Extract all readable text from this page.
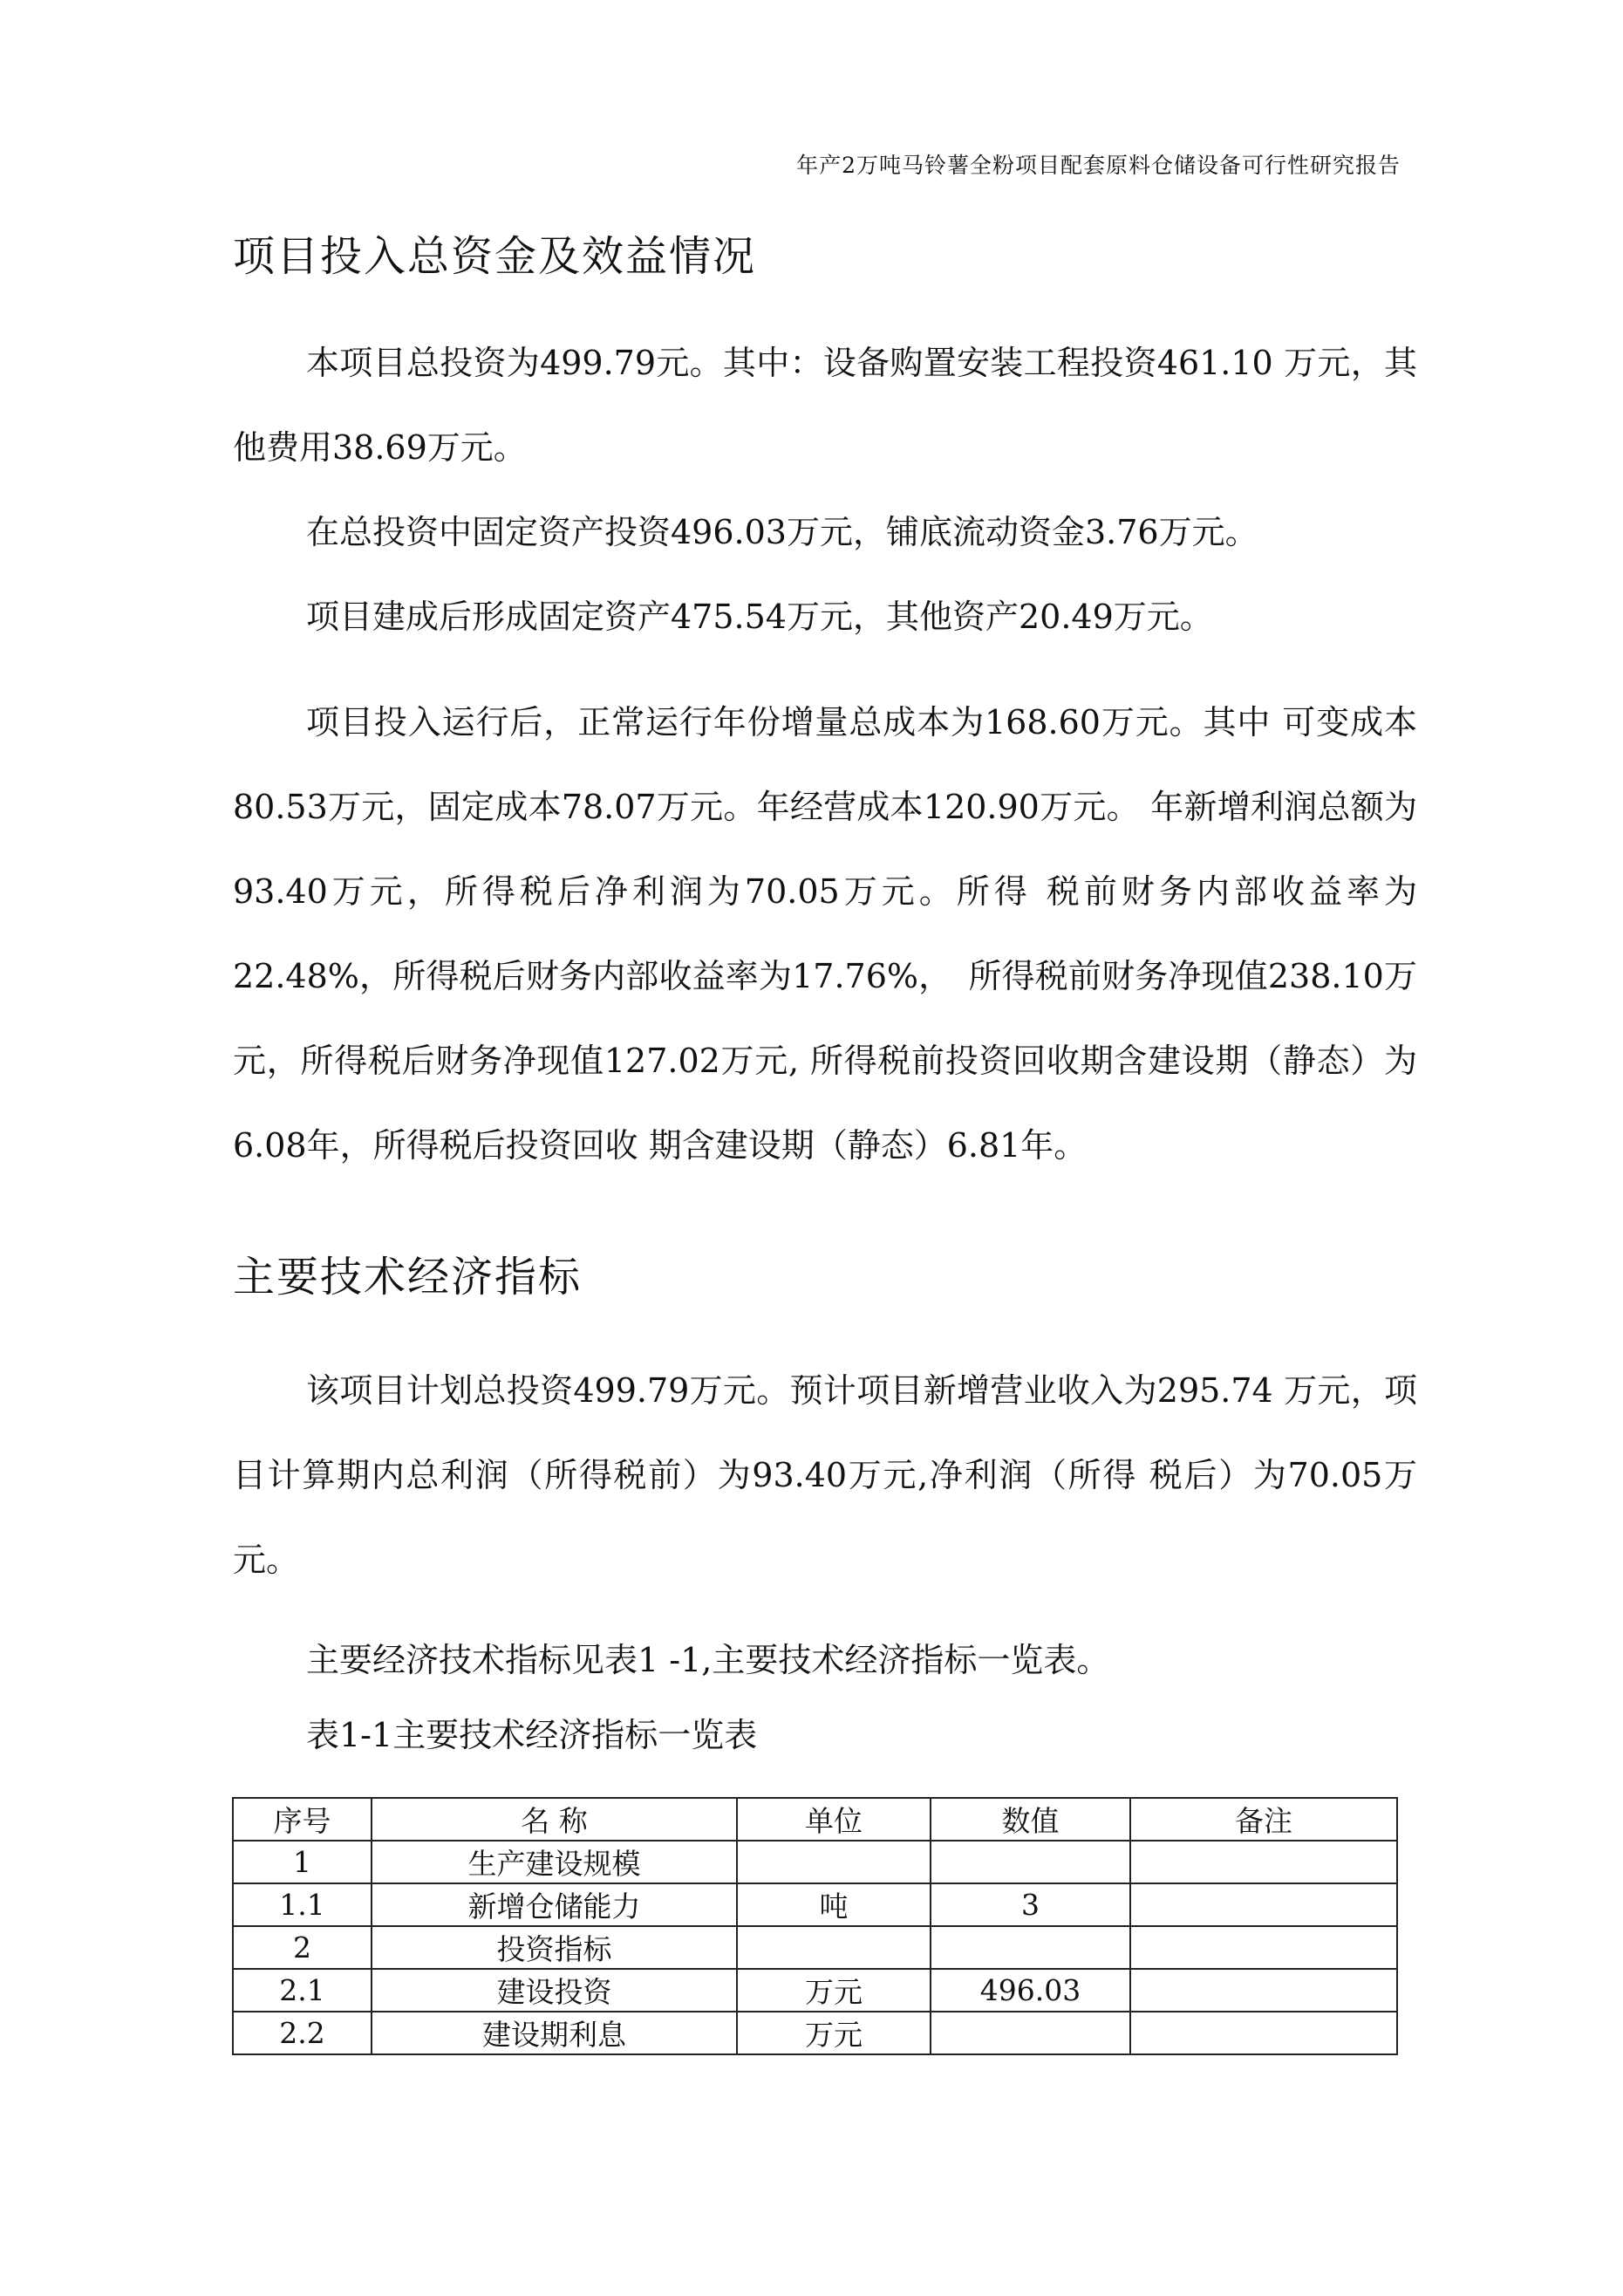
年产2万吨马铃薯全粉项目配套原料仓储设备可行性研究报告
项目投入总资金及效益情况

本项目总投资为499.79元。其中：设备购置安装工程投资461.10 万元，其他费用38.69万元。

在总投资中固定资产投资496.03万元，铺底流动资金3.76万元。

项目建成后形成固定资产475.54万元，其他资产20.49万元。

项目投入运行后，正常运行年份增量总成本为168.60万元。其中 可变成本80.53万元，固定成本78.07万元。年经营成本120.90万元。 年新增利润总额为93.40万元，所得税后净利润为70.05万元。所得 税前财务内部收益率为22.48%，所得税后财务内部收益率为17.76%，　所得税前财务净现值238.10万元，所得税后财务净现值127.02万元, 所得税前投资回收期含建设期（静态）为6.08年，所得税后投资回收 期含建设期（静态）6.81年。

主要技术经济指标

该项目计划总投资499.79万元。预计项目新增营业收入为295.74 万元，项目计算期内总利润（所得税前）为93.40万元,净利润（所得 税后）为70.05万元。

主要经济技术指标见表1 -1,主要技术经济指标一览表。

表1-1主要技术经济指标一览表

序号	名 称	单位	数值	备注
1	生产建设规模			
1.1	新增仓储能力	吨	3	
2	投资指标			
2.1	建设投资	万元	496.03	
2.2	建设期利息	万元		
